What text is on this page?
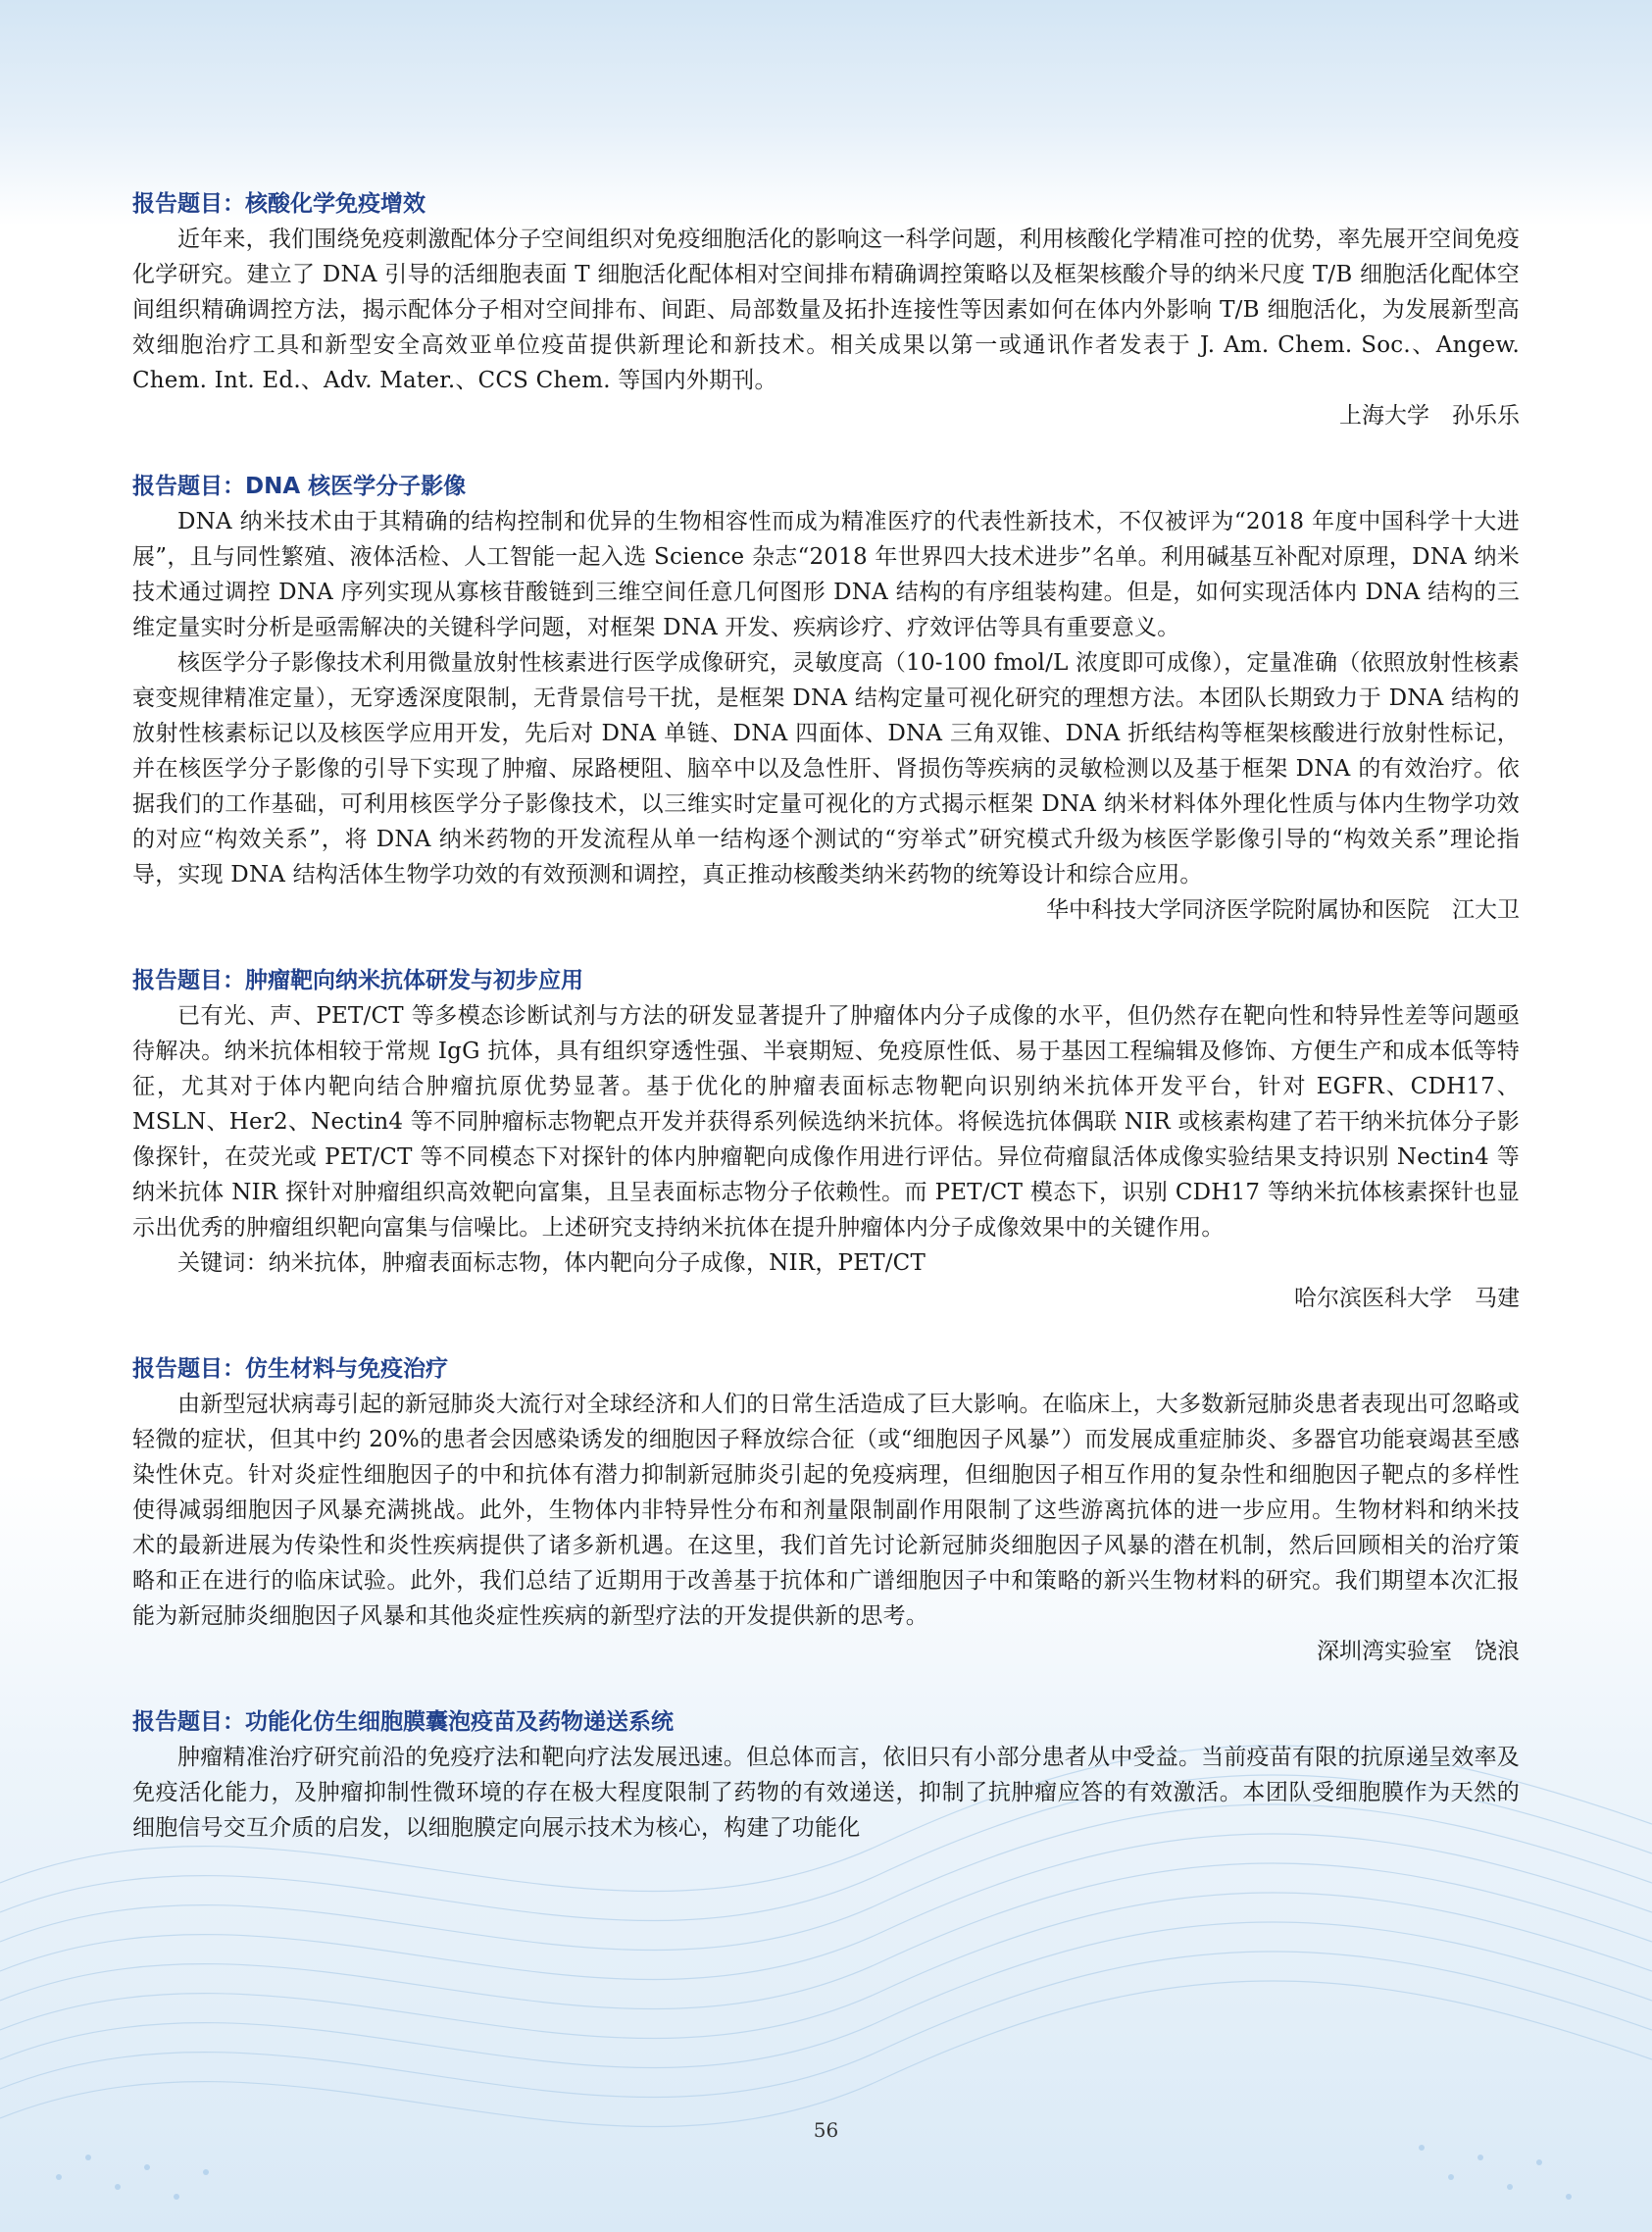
报告题目：核酸化学免疫增效

近年来，我们围绕免疫刺激配体分子空间组织对免疫细胞活化的影响这一科学问题，利用核酸化学精准可控的优势，率先展开空间免疫化学研究。建立了 DNA 引导的活细胞表面 T 细胞活化配体相对空间排布精确调控策略以及框架核酸介导的纳米尺度 T/B 细胞活化配体空间组织精确调控方法，揭示配体分子相对空间排布、间距、局部数量及拓扑连接性等因素如何在体内外影响 T/B 细胞活化，为发展新型高效细胞治疗工具和新型安全高效亚单位疫苗提供新理论和新技术。相关成果以第一或通讯作者发表于 J. Am. Chem. Soc.、Angew. Chem. Int. Ed.、Adv. Mater.、CCS Chem. 等国内外期刊。

上海大学　孙乐乐

报告题目：DNA 核医学分子影像

DNA 纳米技术由于其精确的结构控制和优异的生物相容性而成为精准医疗的代表性新技术，不仅被评为“2018 年度中国科学十大进展”，且与同性繁殖、液体活检、人工智能一起入选 Science 杂志“2018 年世界四大技术进步”名单。利用碱基互补配对原理，DNA 纳米技术通过调控 DNA 序列实现从寡核苷酸链到三维空间任意几何图形 DNA 结构的有序组装构建。但是，如何实现活体内 DNA 结构的三维定量实时分析是亟需解决的关键科学问题，对框架 DNA 开发、疾病诊疗、疗效评估等具有重要意义。

核医学分子影像技术利用微量放射性核素进行医学成像研究，灵敏度高（10-100 fmol/L 浓度即可成像），定量准确（依照放射性核素衰变规律精准定量），无穿透深度限制，无背景信号干扰，是框架 DNA 结构定量可视化研究的理想方法。本团队长期致力于 DNA 结构的放射性核素标记以及核医学应用开发，先后对 DNA 单链、DNA 四面体、DNA 三角双锥、DNA 折纸结构等框架核酸进行放射性标记，并在核医学分子影像的引导下实现了肿瘤、尿路梗阻、脑卒中以及急性肝、肾损伤等疾病的灵敏检测以及基于框架 DNA 的有效治疗。依据我们的工作基础，可利用核医学分子影像技术，以三维实时定量可视化的方式揭示框架 DNA 纳米材料体外理化性质与体内生物学功效的对应“构效关系”，将 DNA 纳米药物的开发流程从单一结构逐个测试的“穷举式”研究模式升级为核医学影像引导的“构效关系”理论指导，实现 DNA 结构活体生物学功效的有效预测和调控，真正推动核酸类纳米药物的统筹设计和综合应用。

华中科技大学同济医学院附属协和医院　江大卫

报告题目：肿瘤靶向纳米抗体研发与初步应用

已有光、声、PET/CT 等多模态诊断试剂与方法的研发显著提升了肿瘤体内分子成像的水平，但仍然存在靶向性和特异性差等问题亟待解决。纳米抗体相较于常规 IgG 抗体，具有组织穿透性强、半衰期短、免疫原性低、易于基因工程编辑及修饰、方便生产和成本低等特征，尤其对于体内靶向结合肿瘤抗原优势显著。基于优化的肿瘤表面标志物靶向识别纳米抗体开发平台，针对 EGFR、CDH17、MSLN、Her2、Nectin4 等不同肿瘤标志物靶点开发并获得系列候选纳米抗体。将候选抗体偶联 NIR 或核素构建了若干纳米抗体分子影像探针，在荧光或 PET/CT 等不同模态下对探针的体内肿瘤靶向成像作用进行评估。异位荷瘤鼠活体成像实验结果支持识别 Nectin4 等纳米抗体 NIR 探针对肿瘤组织高效靶向富集，且呈表面标志物分子依赖性。而 PET/CT 模态下，识别 CDH17 等纳米抗体核素探针也显示出优秀的肿瘤组织靶向富集与信噪比。上述研究支持纳米抗体在提升肿瘤体内分子成像效果中的关键作用。

关键词：纳米抗体，肿瘤表面标志物，体内靶向分子成像，NIR，PET/CT

哈尔滨医科大学　马建

报告题目：仿生材料与免疫治疗

由新型冠状病毒引起的新冠肺炎大流行对全球经济和人们的日常生活造成了巨大影响。在临床上，大多数新冠肺炎患者表现出可忽略或轻微的症状，但其中约 20%的患者会因感染诱发的细胞因子释放综合征（或“细胞因子风暴”）而发展成重症肺炎、多器官功能衰竭甚至感染性休克。针对炎症性细胞因子的中和抗体有潜力抑制新冠肺炎引起的免疫病理，但细胞因子相互作用的复杂性和细胞因子靶点的多样性使得减弱细胞因子风暴充满挑战。此外，生物体内非特异性分布和剂量限制副作用限制了这些游离抗体的进一步应用。生物材料和纳米技术的最新进展为传染性和炎性疾病提供了诸多新机遇。在这里，我们首先讨论新冠肺炎细胞因子风暴的潜在机制，然后回顾相关的治疗策略和正在进行的临床试验。此外，我们总结了近期用于改善基于抗体和广谱细胞因子中和策略的新兴生物材料的研究。我们期望本次汇报能为新冠肺炎细胞因子风暴和其他炎症性疾病的新型疗法的开发提供新的思考。

深圳湾实验室　饶浪

报告题目：功能化仿生细胞膜囊泡疫苗及药物递送系统

肿瘤精准治疗研究前沿的免疫疗法和靶向疗法发展迅速。但总体而言，依旧只有小部分患者从中受益。当前疫苗有限的抗原递呈效率及免疫活化能力，及肿瘤抑制性微环境的存在极大程度限制了药物的有效递送，抑制了抗肿瘤应答的有效激活。本团队受细胞膜作为天然的细胞信号交互介质的启发，以细胞膜定向展示技术为核心，构建了功能化

56
